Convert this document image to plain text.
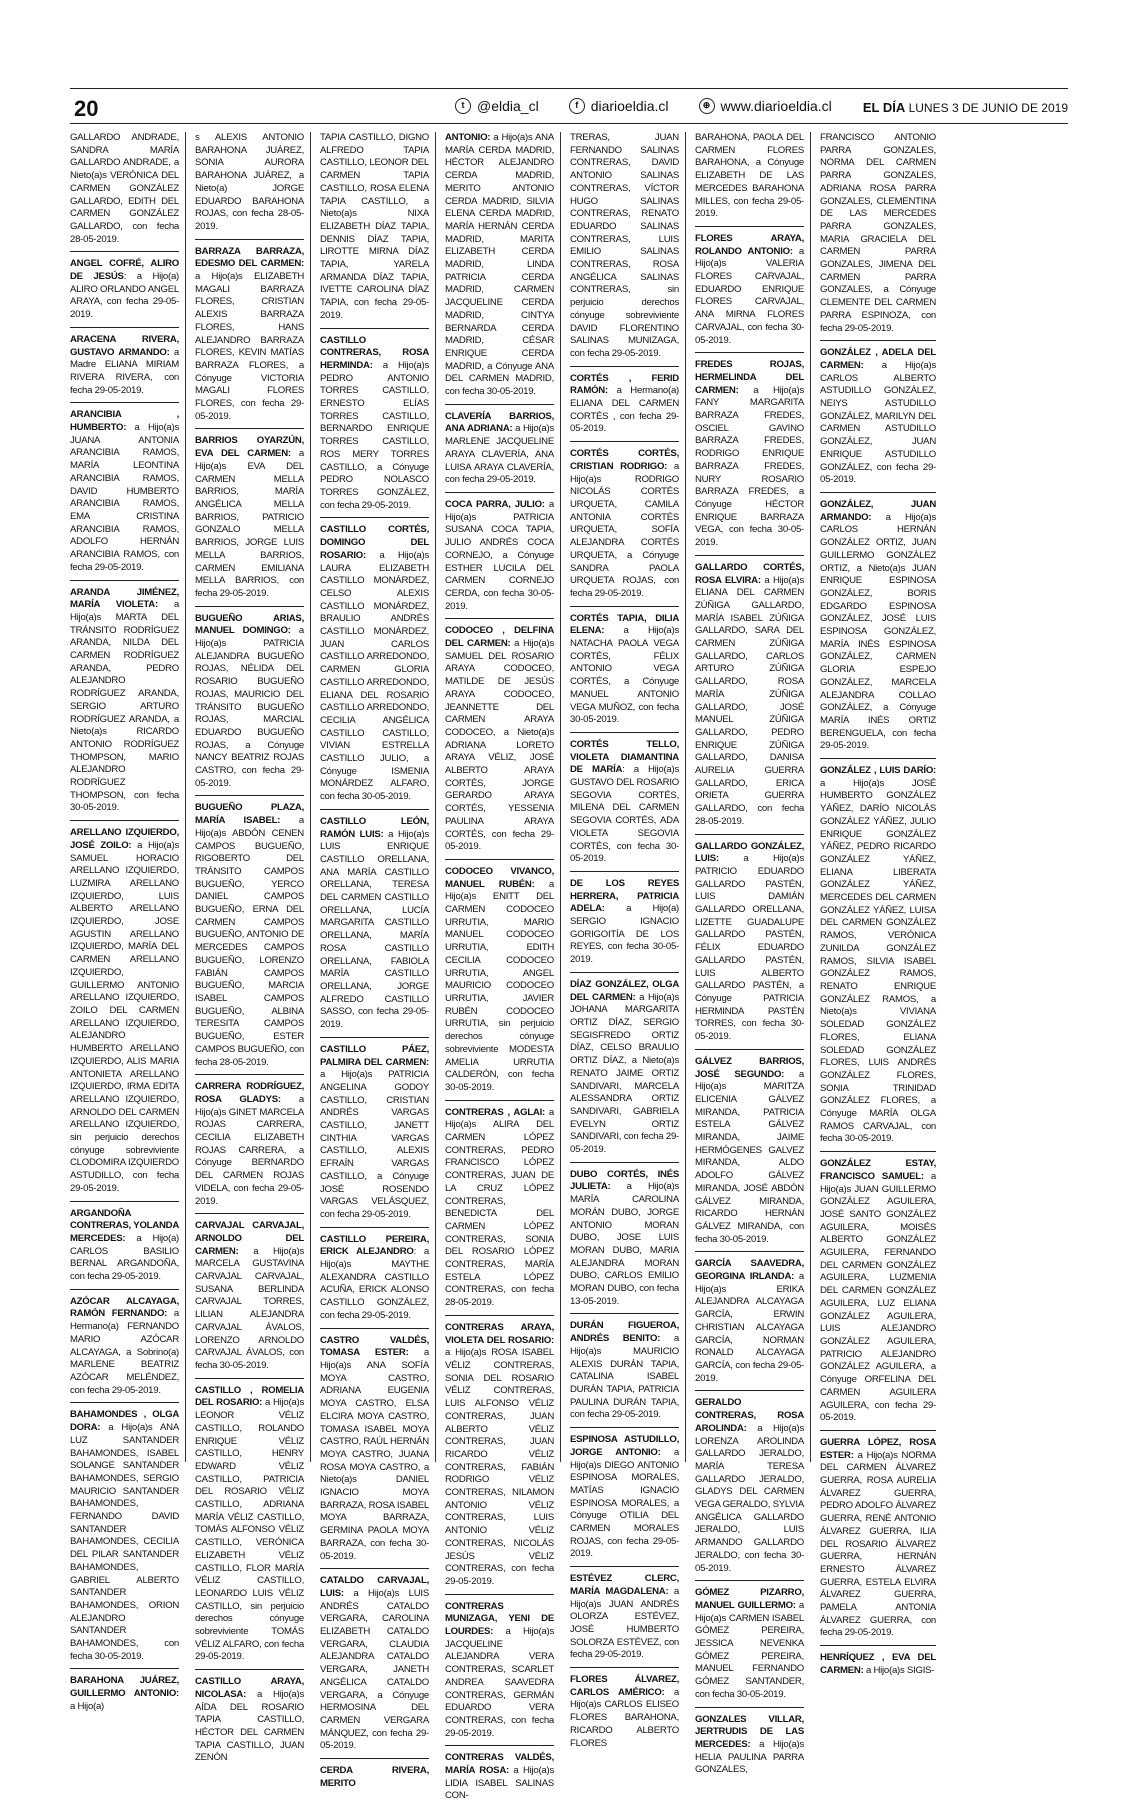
20	t @eldia_cl	f diarioeldia.cl	⊕ www.diarioeldia.cl EL DÍA LUNES 3 DE JUNIO DE 2019
GALLARDO ANDRADE, SANDRA MARÍA GALLARDO ANDRADE, a Nieto(a)s VERÓNICA DEL CARMEN GONZÁLEZ GALLARDO, EDITH DEL CARMEN GONZÁLEZ GALLARDO, con fecha 28-05-2019.
ANGEL COFRÉ, ALIRO DE JESÚS: a Hijo(a) ALIRO ORLANDO ANGEL ARAYA, con fecha 29-05-2019.
ARACENA RIVERA, GUSTAVO ARMANDO: a Madre ELIANA MIRIAM RIVERA RIVERA, con fecha 29-05-2019.
ARANCIBIA , HUMBERTO: a Hijo(a)s JUANA ANTONIA ARANCIBIA RAMOS, MARÍA LEONTINA ARANCIBIA RAMOS, DAVID HUMBERTO ARANCIBIA RAMOS, EMA CRISTINA ARANCIBIA RAMOS, ADOLFO HERNÁN ARANCIBIA RAMOS, con fecha 29-05-2019.
ARANDA JIMÉNEZ, MARÍA VIOLETA: a Hijo(a)s MARTA DEL TRÁNSITO RODRÍGUEZ ARANDA, NILDA DEL CARMEN RODRÍGUEZ ARANDA, PEDRO ALEJANDRO RODRÍGUEZ ARANDA, SERGIO ARTURO RODRÍGUEZ ARANDA, a Nieto(a)s RICARDO ANTONIO RODRÍGUEZ THOMPSON, MARIO ALEJANDRO RODRÍGUEZ THOMPSON, con fecha 30-05-2019.
ARELLANO IZQUIERDO, JOSÉ ZOILO: a Hijo(a)s SAMUEL HORACIO ARELLANO IZQUIERDO, LUZMIRA ARELLANO IZQUIERDO, LUIS ALBERTO ARELLANO IZQUIERDO, JOSE AGUSTIN ARELLANO IZQUIERDO, MARÍA DEL CARMEN ARELLANO IZQUIERDO, GUILLERMO ANTONIO ARELLANO IZQUIERDO, ZOILO DEL CARMEN ARELLANO IZQUIERDO, ALEJANDRO HUMBERTO ARELLANO IZQUIERDO, ALIS MARIA ANTONIETA ARELLANO IZQUIERDO, IRMA EDITA ARELLANO IZQUIERDO, ARNOLDO DEL CARMEN ARELLANO IZQUIERDO, sin perjuicio derechos cónyuge sobreviviente CLODOMIRA IZQUIERDO ASTUDILLO, con fecha 29-05-2019.
ARGANDOÑA CONTRERAS, YOLANDA MERCEDES: a Hijo(a) CARLOS BASILIO BERNAL ARGANDOÑA, con fecha 29-05-2019.
AZÓCAR ALCAYAGA, RAMÓN FERNANDO: a Hermano(a) FERNANDO MARIO AZÓCAR ALCAYAGA, a Sobrino(a) MARLENE BEATRIZ AZÓCAR MELÉNDEZ, con fecha 29-05-2019.
BAHAMONDES , OLGA DORA: a Hijo(a)s ANA LUZ SANTANDER BAHAMONDES, ISABEL SOLANGE SANTANDER BAHAMONDES, SERGIO MAURICIO SANTANDER BAHAMONDES, FERNANDO DAVID SANTANDER BAHAMONDES, CECILIA DEL PILAR SANTANDER BAHAMONDES, GABRIEL ALBERTO SANTANDER BAHAMONDES, ORION ALEJANDRO SANTANDER BAHAMONDES, con fecha 30-05-2019.
BARAHONA JUÁREZ, GUILLERMO ANTONIO: a Hijo(a)
s ALEXIS ANTONIO BARAHONA JUÁREZ, SONIA AURORA BARAHONA JUÁREZ, a Nieto(a) JORGE EDUARDO BARAHONA ROJAS, con fecha 28-05-2019.
BARRAZA BARRAZA, EDESMO DEL CARMEN: a Hijo(a)s ELIZABETH MAGALI BARRAZA FLORES, CRISTIAN ALEXIS BARRAZA FLORES, HANS ALEJANDRO BARRAZA FLORES, KEVIN MATÍAS BARRAZA FLORES, a Cónyuge VICTORIA MAGALI FLORES FLORES, con fecha 29-05-2019.
BARRIOS OYARZÚN, EVA DEL CARMEN: a Hijo(a)s EVA DEL CARMEN MELLA BARRIOS, MARÍA ANGÉLICA MELLA BARRIOS, PATRICIO GONZALO MELLA BARRIOS, JORGE LUIS MELLA BARRIOS, CARMEN EMILIANA MELLA BARRIOS, con fecha 29-05-2019.
BUGUEÑO ARIAS, MANUEL DOMINGO: a Hijo(a)s PATRICIA ALEJANDRA BUGUEÑO ROJAS, NÉLIDA DEL ROSARIO BUGUEÑO ROJAS, MAURICIO DEL TRÁNSITO BUGUEÑO ROJAS, MARCIAL EDUARDO BUGUEÑO ROJAS, a Cónyuge NANCY BEATRIZ ROJAS CASTRO, con fecha 29-05-2019.
BUGUEÑO PLAZA, MARÍA ISABEL: a Hijo(a)s ABDÓN CENEN CAMPOS BUGUEÑO, RIGOBERTO DEL TRÁNSITO CAMPOS BUGUEÑO, YERCO DANIEL CAMPOS BUGUEÑO, ERNA DEL CARMEN CAMPOS BUGUEÑO, ANTONIO DE MERCEDES CAMPOS BUGUEÑO, LORENZO FABIÁN CAMPOS BUGUEÑO, MARCIA ISABEL CAMPOS BUGUEÑO, ALBINA TERESITA CAMPOS BUGUEÑO, ESTER CAMPOS BUGUEÑO, con fecha 28-05-2019.
CARRERA RODRÍGUEZ, ROSA GLADYS: a Hijo(a)s GINET MARCELA ROJAS CARRERA, CECILIA ELIZABETH ROJAS CARRERA, a Cónyuge BERNARDO DEL CARMEN ROJAS VIDELA, con fecha 29-05-2019.
CARVAJAL CARVAJAL, ARNOLDO DEL CARMEN: a Hijo(a)s MARCELA GUSTAVINA CARVAJAL CARVAJAL, SUSANA BERLINDA CARVAJAL TORRES, LILIAN ALEJANDRA CARVAJAL ÁVALOS, LORENZO ARNOLDO CARVAJAL ÁVALOS, con fecha 30-05-2019.
CASTILLO , ROMELIA DEL ROSARIO: a Hijo(a)s LEONOR VÉLIZ CASTILLO, ROLANDO ENRIQUE VÉLIZ CASTILLO, HENRY EDWARD VÉLIZ CASTILLO, PATRICIA DEL ROSARIO VÉLIZ CASTILLO, ADRIANA MARÍA VÉLIZ CASTILLO, TOMÁS ALFONSO VÉLIZ CASTILLO, VERÓNICA ELIZABETH VÉLIZ CASTILLO, FLOR MARÍA VÉLIZ CASTILLO, LEONARDO LUIS VÉLIZ CASTILLO, sin perjuicio derechos cónyuge sobreviviente TOMÁS VÉLIZ ALFARO, con fecha 29-05-2019.
CASTILLO ARAYA, NICOLASA: a Hijo(a)s AÍDA DEL ROSARIO TAPIA CASTILLO, HÉCTOR DEL CARMEN TAPIA CASTILLO, JUAN ZENÓN
TAPIA CASTILLO, DIGNO ALFREDO TAPIA CASTILLO, LEONOR DEL CARMEN TAPIA CASTILLO, ROSA ELENA TAPIA CASTILLO, a Nieto(a)s NIXA ELIZABETH DÍAZ TAPIA, DENNIS DÍAZ TAPIA, LIROTTE MIRNA DÍAZ TAPIA, YARELA ARMANDA DÍAZ TAPIA, IVETTE CAROLINA DÍAZ TAPIA, con fecha 29-05-2019.
CASTILLO CONTRERAS, ROSA HERMINDA: a Hijo(a)s PEDRO ANTONIO TORRES CASTILLO, ERNESTO ELÍAS TORRES CASTILLO, BERNARDO ENRIQUE TORRES CASTILLO, ROS MERY TORRES CASTILLO, a Cónyuge PEDRO NOLASCO TORRES GONZÁLEZ, con fecha 29-05-2019.
CASTILLO CORTÉS, DOMINGO DEL ROSARIO: a Hijo(a)s LAURA ELIZABETH CASTILLO MONÁRDEZ, CELSO ALEXIS CASTILLO MONÁRDEZ, BRAULIO ANDRÉS CASTILLO MONÁRDEZ, JUAN CARLOS CASTILLO ARREDONDO, CARMEN GLORIA CASTILLO ARREDONDO, ELIANA DEL ROSARIO CASTILLO ARREDONDO, CECILIA ANGÉLICA CASTILLO CASTILLO, VIVIAN ESTRELLA CASTILLO JULIO, a Cónyuge ISMENIA MONÁRDEZ ALFARO, con fecha 30-05-2019.
CASTILLO LEÓN, RAMÓN LUIS: a Hijo(a)s LUIS ENRIQUE CASTILLO ORELLANA, ANA MARÍA CASTILLO ORELLANA, TERESA DEL CARMEN CASTILLO ORELLANA, LUCÍA MARGARITA CASTILLO ORELLANA, MARÍA ROSA CASTILLO ORELLANA, FABIOLA MARÍA CASTILLO ORELLANA, JORGE ALFREDO CASTILLO SASSO, con fecha 29-05-2019.
CASTILLO PÁEZ, PALMIRA DEL CARMEN: a Hijo(a)s PATRICIA ANGELINA GODOY CASTILLO, CRISTIAN ANDRÉS VARGAS CASTILLO, JANETT CINTHIA VARGAS CASTILLO, ALEXIS EFRAÍN VARGAS CASTILLO, a Cónyuge JOSÉ ROSENDO VARGAS VELÁSQUEZ, con fecha 29-05-2019.
CASTILLO PEREIRA, ERICK ALEJANDRO: a Hijo(a)s MAYTHE ALEXANDRA CASTILLO ACUÑA, ERICK ALONSO CASTILLO GONZÁLEZ, con fecha 29-05-2019.
CASTRO VALDÉS, TOMASA ESTER: a Hijo(a)s ANA SOFÍA MOYA CASTRO, ADRIANA EUGENIA MOYA CASTRO, ELSA ELCIRA MOYA CASTRO, TOMASA ISABEL MOYA CASTRO, RAÚL HERNÁN MOYA CASTRO, JUANA ROSA MOYA CASTRO, a Nieto(a)s DANIEL IGNACIO MOYA BARRAZA, ROSA ISABEL MOYA BARRAZA, GERMINA PAOLA MOYA BARRAZA, con fecha 30-05-2019.
CATALDO CARVAJAL, LUIS: a Hijo(a)s LUIS ANDRÉS CATALDO VERGARA, CAROLINA ELIZABETH CATALDO VERGARA, CLAUDIA ALEJANDRA CATALDO VERGARA, JANETH ANGÉLICA CATALDO VERGARA, a Cónyuge HERMOSINA DEL CARMEN VERGARA MÁNQUEZ, con fecha 29-05-2019.
CERDA RIVERA, MERITO
ANTONIO: a Hijo(a)s ANA MARÍA CERDA MADRID, HÉCTOR ALEJANDRO CERDA MADRID, MERITO ANTONIO CERDA MADRID, SILVIA ELENA CERDA MADRID, MARÍA HERNÁN CERDA MADRID, MARITA ELIZABETH CERDA MADRID, LINDA PATRICIA CERDA MADRID, CARMEN JACQUELINE CERDA MADRID, CINTYA BERNARDA CERDA MADRID, CÉSAR ENRIQUE CERDA MADRID, a Cónyuge ANA DEL CARMEN MADRID, con fecha 30-05-2019.
CLAVERÍA BARRIOS, ANA ADRIANA: a Hijo(a)s MARLENE JACQUELINE ARAYA CLAVERÍA, ANA LUISA ARAYA CLAVERÍA, con fecha 29-05-2019.
COCA PARRA, JULIO: a Hijo(a)s PATRICIA SUSANA COCA TAPIA, JULIO ANDRÉS COCA CORNEJO, a Cónyuge ESTHER LUCILA DEL CARMEN CORNEJO CERDA, con fecha 30-05-2019.
CODOCEO , DELFINA DEL CARMEN: a Hijo(a)s SAMUEL DEL ROSARIO ARAYA CODOCEO, MATILDE DE JESÚS ARAYA CODOCEO, JEANNETTE DEL CARMEN ARAYA CODOCEO, a Nieto(a)s ADRIANA LORETO ARAYA VÉLIZ, JOSÉ ALBERTO ARAYA CORTÉS, JORGE GERARDO ARAYA CORTÉS, YESSENIA PAULINA ARAYA CORTÉS, con fecha 29-05-2019.
CODOCEO VIVANCO, MANUEL RUBÉN: a Hijo(a)s ENITT DEL CARMEN CODOCEO URRUTIA, MARIO MANUEL CODOCEO URRUTIA, EDITH CECILIA CODOCEO URRUTIA, ANGEL MAURICIO CODOCEO URRUTIA, JAVIER RUBÉN CODOCEO URRUTIA, sin perjuicio derechos cónyuge sobreviviente MODESTA AMELIA URRUTIA CALDERÓN, con fecha 30-05-2019.
CONTRERAS , AGLAI: a Hijo(a)s ALIRA DEL CARMEN LÓPEZ CONTRERAS, PEDRO FRANCISCO LÓPEZ CONTRERAS, JUAN DE LA CRUZ LÓPEZ CONTRERAS, BENEDICTA DEL CARMEN LÓPEZ CONTRERAS, SONIA DEL ROSARIO LÓPEZ CONTRERAS, MARÍA ESTELA LÓPEZ CONTRERAS, con fecha 28-05-2019.
CONTRERAS ARAYA, VIOLETA DEL ROSARIO: a Hijo(a)s ROSA ISABEL VÉLIZ CONTRERAS, SONIA DEL ROSARIO VÉLIZ CONTRERAS, LUIS ALFONSO VÉLIZ CONTRERAS, JUAN ALBERTO VÉLIZ CONTRERAS, JUAN RICARDO VÉLIZ CONTRERAS, FABIÁN RODRIGO VÉLIZ CONTRERAS, NILAMON ANTONIO VÉLIZ CONTRERAS, LUIS ANTONIO VÉLIZ CONTRERAS, NICOLÁS JESÚS VÉLIZ CONTRERAS, con fecha 29-05-2019.
CONTRERAS MUNIZAGA, YENI DE LOURDES: a Hijo(a)s JACQUELINE ALEJANDRA VERA CONTRERAS, SCARLET ANDREA SAAVEDRA CONTRERAS, GERMÁN EDUARDO VERA CONTRERAS, con fecha 29-05-2019.
CONTRERAS VALDÉS, MARÍA ROSA: a Hijo(a)s LIDIA ISABEL SALINAS CON-
TRERAS, JUAN FERNANDO SALINAS CONTRERAS, DAVID ANTONIO SALINAS CONTRERAS, VÍCTOR HUGO SALINAS CONTRERAS, RENATO EDUARDO SALINAS CONTRERAS, LUIS EMILIO SALINAS CONTRERAS, ROSA ANGÉLICA SALINAS CONTRERAS, sin perjuicio derechos cónyuge sobreviviente DAVID FLORENTINO SALINAS MUNIZAGA, con fecha 29-05-2019.
CORTÉS , FERID RAMÓN: a Hermano(a) ELIANA DEL CARMEN CORTÉS , con fecha 29-05-2019.
CORTÉS CORTÉS, CRISTIAN RODRIGO: a Hijo(a)s RODRIGO NICOLÁS CORTÉS URQUETA, CAMILA ANTONIA CORTÉS URQUETA, SOFÍA ALEJANDRA CORTÉS URQUETA, a Cónyuge SANDRA PAOLA URQUETA ROJAS, con fecha 29-05-2019.
CORTÉS TAPIA, DILIA ELENA: a Hijo(a)s NATACHA PAOLA VEGA CORTÉS, FÉLIX ANTONIO VEGA CORTÉS, a Cónyuge MANUEL ANTONIO VEGA MUÑOZ, con fecha 30-05-2019.
CORTÉS TELLO, VIOLETA DIAMANTINA DE MARÍA: a Hijo(a)s GUSTAVO DEL ROSARIO SEGOVIA CORTÉS, MILENA DEL CARMEN SEGOVIA CORTÉS, ADA VIOLETA SEGOVIA CORTÉS, con fecha 30-05-2019.
DE LOS REYES HERRERA, PATRICIA ADELA: a Hijo(a) SERGIO IGNACIO GORIGOITÍA DE LOS REYES, con fecha 30-05-2019.
DÍAZ GONZÁLEZ, OLGA DEL CARMEN: a Hijo(a)s JOHANA MARGARITA ORTIZ DÍAZ, SERGIO SEGISFREDO ORTIZ DÍAZ, CELSO BRAULIO ORTIZ DÍAZ, a Nieto(a)s RENATO JAIME ORTIZ SANDIVARI, MARCELA ALESSANDRA ORTIZ SANDIVARI, GABRIELA EVELYN ORTIZ SANDIVARI, con fecha 29-05-2019.
DUBO CORTÉS, INÉS JULIETA: a Hijo(a)s MARÍA CAROLINA MORÁN DUBO, JORGE ANTONIO MORAN DUBO, JOSE LUIS MORAN DUBO, MARIA ALEJANDRA MORAN DUBO, CARLOS EMILIO MORAN DUBO, con fecha 13-05-2019.
DURÁN FIGUEROA, ANDRÉS BENITO: a Hijo(a)s MAURICIO ALEXIS DURÁN TAPIA, CATALINA ISABEL DURÁN TAPIA, PATRICIA PAULINA DURÁN TAPIA, con fecha 29-05-2019.
ESPINOSA ASTUDILLO, JORGE ANTONIO: a Hijo(a)s DIEGO ANTONIO ESPINOSA MORALES, MATÍAS IGNACIO ESPINOSA MORALES, a Cónyuge OTILIA DEL CARMEN MORALES ROJAS, con fecha 29-05-2019.
ESTÉVEZ CLERC, MARÍA MAGDALENA: a Hijo(a)s JUAN ANDRÉS OLORZA ESTÉVEZ, JOSÉ HUMBERTO SOLORZA ESTÉVEZ, con fecha 29-05-2019.
FLORES ÁLVAREZ, CARLOS AMÉRICO: a Hijo(a)s CARLOS ELISEO FLORES BARAHONA, RICARDO ALBERTO FLORES
BARAHONA, PAOLA DEL CARMEN FLORES BARAHONA, a Cónyuge ELIZABETH DE LAS MERCEDES BARAHONA MILLES, con fecha 29-05-2019.
FLORES ARAYA, ROLANDO ANTONIO: a Hijo(a)s VALERIA FLORES CARVAJAL, EDUARDO ENRIQUE FLORES CARVAJAL, ANA MIRNA FLORES CARVAJAL, con fecha 30-05-2019.
FREDES ROJAS, HERMELINDA DEL CARMEN: a Hijo(a)s FANY MARGARITA BARRAZA FREDES, OSCIEL GAVINO BARRAZA FREDES, RODRIGO ENRIQUE BARRAZA FREDES, NURY ROSARIO BARRAZA FREDES, a Cónyuge HÉCTOR ENRIQUE BARRAZA VEGA, con fecha 30-05-2019.
GALLARDO CORTÉS, ROSA ELVIRA: a Hijo(a)s ELIANA DEL CARMEN ZÚÑIGA GALLARDO, MARÍA ISABEL ZÚÑIGA GALLARDO, SARA DEL CARMEN ZÚÑIGA GALLARDO, CARLOS ARTURO ZÚÑIGA GALLARDO, ROSA MARÍA ZÚÑIGA GALLARDO, JOSÉ MANUEL ZÚÑIGA GALLARDO, PEDRO ENRIQUE ZÚÑIGA GALLARDO, DANISA AURELIA GUERRA GALLARDO, ERICA ORIETA GUERRA GALLARDO, con fecha 28-05-2019.
GALLARDO GONZÁLEZ, LUIS: a Hijo(a)s PATRICIO EDUARDO GALLARDO PASTÉN, LUIS DAMIÁN GALLARDO ORELLANA, LIZETTE GUADALUPE GALLARDO PASTÉN, FÉLIX EDUARDO GALLARDO PASTÉN, LUIS ALBERTO GALLARDO PASTÉN, a Cónyuge PATRICIA HERMINDA PASTÉN TORRES, con fecha 30-05-2019.
GÁLVEZ BARRIOS, JOSÉ SEGUNDO: a Hijo(a)s MARITZA ELICENIA GÁLVEZ MIRANDA, PATRICIA ESTELA GÁLVEZ MIRANDA, JAIME HERMÓGENES GALVEZ MIRANDA, ALDO ADOLFO GÁLVEZ MIRANDA, JOSÉ ABDÓN GÁLVEZ MIRANDA, RICARDO HERNÁN GÁLVEZ MIRANDA, con fecha 30-05-2019.
GARCÍA SAAVEDRA, GEORGINA IRLANDA: a Hijo(a)s ERIKA ALEJANDRA ALCAYAGA GARCÍA, ERWIN CHRISTIAN ALCAYAGA GARCÍA, NORMAN RONALD ALCAYAGA GARCÍA, con fecha 29-05-2019.
GERALDO CONTRERAS, ROSA AROLINDA: a Hijo(a)s LORENZA AROLINDA GALLARDO JERALDO, MARÍA TERESA GALLARDO JERALDO, GLADYS DEL CARMEN VEGA GERALDO, SYLVIA ANGÉLICA GALLARDO JERALDO, LUIS ARMANDO GALLARDO JERALDO, con fecha 30-05-2019.
GÓMEZ PIZARRO, MANUEL GUILLERMO: a Hijo(a)s CARMEN ISABEL GÓMEZ PEREIRA, JESSICA NEVENKA GÓMEZ PEREIRA, MANUEL FERNANDO GÓMEZ SANTANDER, con fecha 30-05-2019.
GONZALES VILLAR, JERTRUDIS DE LAS MERCEDES: a Hijo(a)s HELIA PAULINA PARRA GONZALES,
FRANCISCO ANTONIO PARRA GONZALES, NORMA DEL CARMEN PARRA GONZALES, ADRIANA ROSA PARRA GONZALES, CLEMENTINA DE LAS MERCEDES PARRA GONZALES, MARIA GRACIELA DEL CARMEN PARRA GONZALES, JIMENA DEL CARMEN PARRA GONZALES, a Cónyuge CLEMENTE DEL CARMEN PARRA ESPINOZA, con fecha 29-05-2019.
GONZÁLEZ , ADELA DEL CARMEN: a Hijo(a)s CARLOS ALBERTO ASTUDILLO GONZÁLEZ, NEIYS ASTUDILLO GONZÁLEZ, MARILYN DEL CARMEN ASTUDILLO GONZÁLEZ, JUAN ENRIQUE ASTUDILLO GONZÁLEZ, con fecha 29-05-2019.
GONZÁLEZ, JUAN ARMANDO: a Hijo(a)s CARLOS HERNÁN GONZÁLEZ ORTIZ, JUAN GUILLERMO GONZÁLEZ ORTIZ, a Nieto(a)s JUAN ENRIQUE ESPINOSA GONZÁLEZ, BORIS EDGARDO ESPINOSA GONZÁLEZ, JOSÉ LUIS ESPINOSA GONZÁLEZ, MARÍA INÉS ESPINOSA GONZÁLEZ, CARMEN GLORIA ESPEJO GONZÁLEZ, MARCELA ALEJANDRA COLLAO GONZÁLEZ, a Cónyuge MARÍA INÉS ORTIZ BERENGUELA, con fecha 29-05-2019.
GONZÁLEZ , LUIS DARÍO: a Hijo(a)s JOSÉ HUMBERTO GONZÁLEZ YÁÑEZ, DARÍO NICOLÁS GONZÁLEZ YÁÑEZ, JULIO ENRIQUE GONZÁLEZ YÁÑEZ, PEDRO RICARDO GONZÁLEZ YÁÑEZ, ELIANA LIBERATA GONZÁLEZ YÁÑEZ, MERCEDES DEL CARMEN GONZÁLEZ YÁÑEZ, LUISA DEL CARMEN GONZÁLEZ RAMOS, VERÓNICA ZUNILDA GONZÁLEZ RAMOS, SILVIA ISABEL GONZÁLEZ RAMOS, RENATO ENRIQUE GONZÁLEZ RAMOS, a Nieto(a)s VIVIANA SOLEDAD GONZÁLEZ FLORES, ELIANA SOLEDAD GONZÁLEZ FLORES, LUIS ANDRÉS GONZÁLEZ FLORES, SONIA TRINIDAD GONZÁLEZ FLORES, a Cónyuge MARÍA OLGA RAMOS CARVAJAL, con fecha 30-05-2019.
GONZÁLEZ ESTAY, FRANCISCO SAMUEL: a Hijo(a)s JUAN GUILLERMO GONZÁLEZ AGUILERA, JOSÉ SANTO GONZÁLEZ AGUILERA, MOISÉS ALBERTO GONZÁLEZ AGUILERA, FERNANDO DEL CARMEN GONZÁLEZ AGUILERA, LUZMENIA DEL CARMEN GONZÁLEZ AGUILERA, LUZ ELIANA GONZÁLEZ AGUILERA, LUIS ALEJANDRO GONZÁLEZ AGUILERA, PATRICIO ALEJANDRO GONZÁLEZ AGUILERA, a Cónyuge ORFELINA DEL CARMEN AGUILERA AGUILERA, con fecha 29-05-2019.
GUERRA LÓPEZ, ROSA ESTER: a Hijo(a)s NORMA DEL CARMEN ÁLVAREZ GUERRA, ROSA AURELIA ÁLVAREZ GUERRA, PEDRO ADOLFO ÁLVAREZ GUERRA, RENÉ ANTONIO ÁLVAREZ GUERRA, ILIA DEL ROSARIO ÁLVAREZ GUERRA, HERNÁN ERNESTO ÁLVAREZ GUERRA, ESTELA ELVIRA ÁLVAREZ GUERRA, PAMELA ANTONIA ÁLVAREZ GUERRA, con fecha 29-05-2019.
HENRÍQUEZ , EVA DEL CARMEN: a Hijo(a)s SIGIS-
